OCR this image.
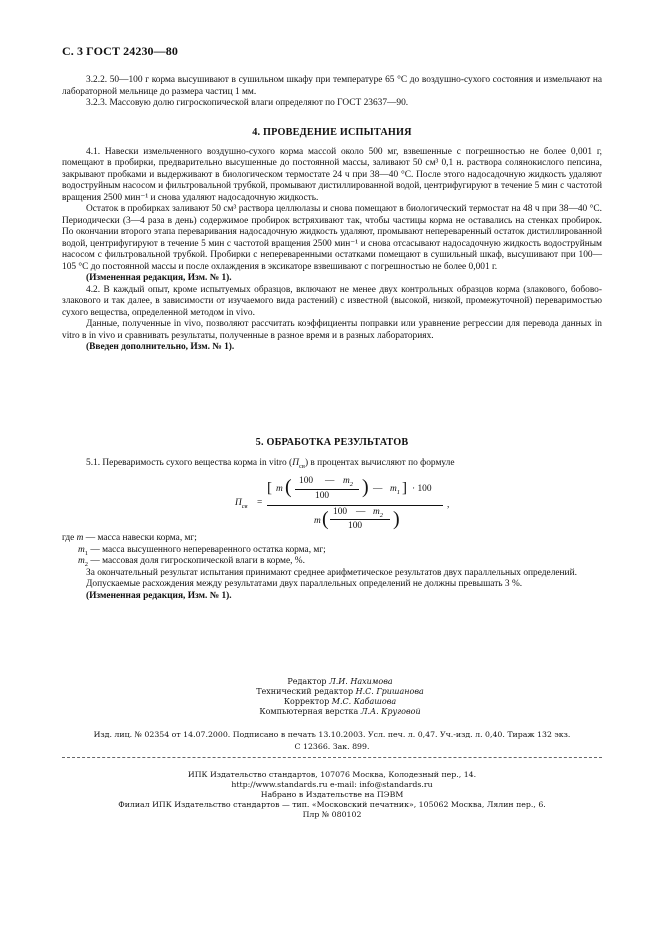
С. 3 ГОСТ 24230—80

3.2.2. 50—100 г корма высушивают в сушильном шкафу при температуре 65 °С до воздушно-сухого состояния и измельчают на лабораторной мельнице до размера частиц 1 мм.

3.2.3. Массовую долю гигроскопической влаги определяют по ГОСТ 23637—90.

4. ПРОВЕДЕНИЕ ИСПЫТАНИЯ

4.1. Навески измельченного воздушно-сухого корма массой около 500 мг, взвешенные с погрешностью не более 0,001 г, помещают в пробирки, предварительно высушенные до постоянной массы, заливают 50 см³ 0,1 н. раствора солянокислого пепсина, закрывают пробками и выдерживают в биологическом термостате 24 ч при 38—40 °С. После этого надосадочную жидкость удаляют водоструйным насосом и фильтровальной трубкой, промывают дистиллированной водой, центрифугируют в течение 5 мин с частотой вращения 2500 мин⁻¹ и снова удаляют надосадочную жидкость.

Остаток в пробирках заливают 50 см³ раствора целлюлазы и снова помещают в биологический термостат на 48 ч при 38—40 °С. Периодически (3—4 раза в день) содержимое пробирок встряхивают так, чтобы частицы корма не оставались на стенках пробирок. По окончании второго этапа переваривания надосадочную жидкость удаляют, промывают непереваренный остаток дистиллированной водой, центрифугируют в течение 5 мин с частотой вращения 2500 мин⁻¹ и снова отсасывают надосадочную жидкость водоструйным насосом с фильтровальной трубкой. Пробирки с непереваренными остатками помещают в сушильный шкаф, высушивают при 100—105 °С до постоянной массы и после охлаждения в эксикаторе взвешивают с погрешностью не более 0,001 г.

(Измененная редакция, Изм. № 1).

4.2. В каждый опыт, кроме испытуемых образцов, включают не менее двух контрольных образцов корма (злакового, бобово-злакового и так далее, в зависимости от изучаемого вида растений) с известной (высокой, низкой, промежуточной) переваримостью сухого вещества, определенной методом in vivo.

Данные, полученные in vivo, позволяют рассчитать коэффициенты поправки или уравнение регрессии для перевода данных in vitro в in vivo и сравнивать результаты, полученные в разное время и в разных лабораториях.

(Введен дополнительно, Изм. № 1).

5. ОБРАБОТКА РЕЗУЛЬТАТОВ

5.1. Переваримость сухого вещества корма in vitro $(П_{св})$ в процентах вычисляют по формуле

$П_{св}$ =
[ m ( 100 — $m_2$
100 ) — $m_1$ ] · 100
,
m ( 100 — $m_2$
100 )

где m — масса навески корма, мг;

$m_1$ — масса высушенного непереваренного остатка корма, мг;

$m_2$ — массовая доля гигроскопической влаги в корме, %.

За окончательный результат испытания принимают среднее арифметическое результатов двух параллельных определений.

Допускаемые расхождения между результатами двух параллельных определений не должны превышать 3 %.

(Измененная редакция, Изм. № 1).

Редактор Л.И. Нахимова
Технический редактор Н.С. Гришанова
Корректор М.С. Кабашова
Компьютерная верстка Л.А. Круговой
Изд. лиц. № 02354 от 14.07.2000. Подписано в печать 13.10.2003. Усл. печ. л. 0,47. Уч.-изд. л. 0,40. Тираж 132 экз.
С 12366. Зак. 899.
ИПК Издательство стандартов, 107076 Москва, Колодезный пер., 14.
http://www.standards.ru e-mail: info@standards.ru
Набрано в Издательстве на ПЭВМ
Филиал ИПК Издательство стандартов — тип. «Московский печатник», 105062 Москва, Лялин пер., 6.
Плр № 080102
